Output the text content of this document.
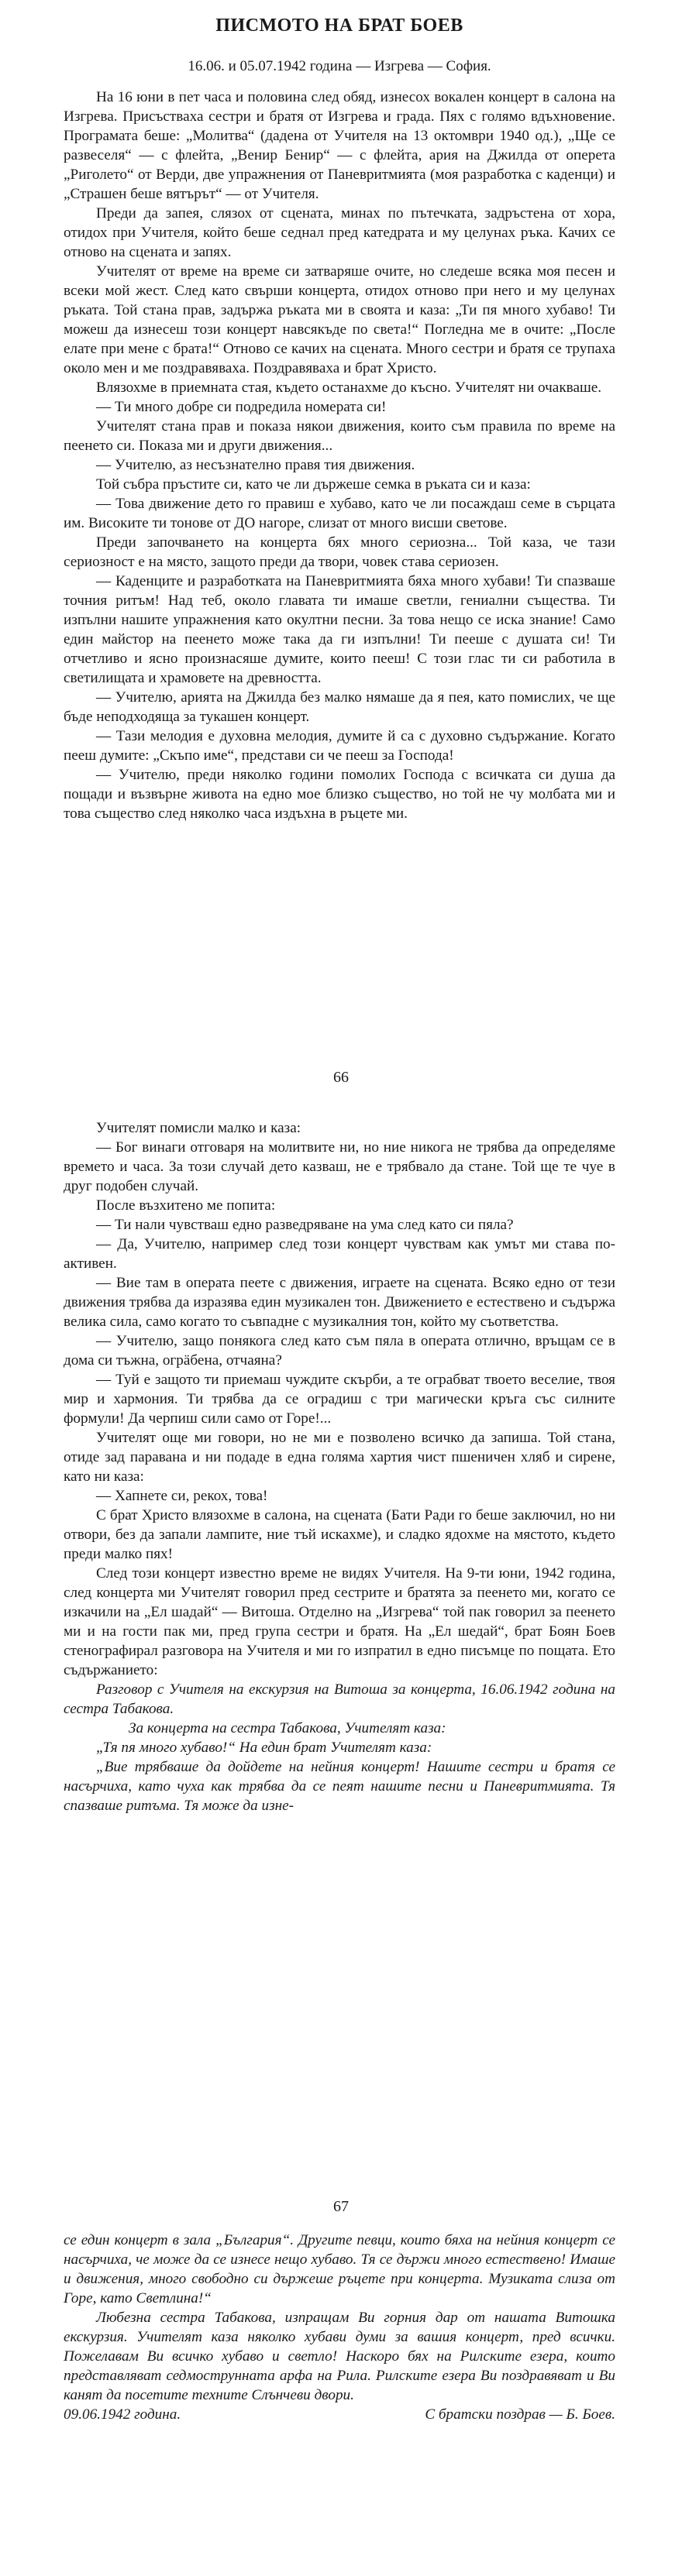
ПИСМОТО НА БРАТ БОЕВ
16.06. и 05.07.1942 година — Изгрева — София.

На 16 юни в пет часа и половина след обяд, изнесох вокален концерт в салона на Изгрева. Присъстваха сестри и братя от Изгрева и града. Пях с голямо вдъхновение. Програмата беше: „Молитва“ (дадена от Учителя на 13 октомври 1940 од.), „Ще се развеселя“ — с флейта, „Венир Бенир“ — с флейта, ария на Джилда от оперета „Риголето“ от Верди, две упражнения от Паневритмията (моя разработка с каденци) и „Страшен беше вятърът“ — от Учителя.

Преди да запея, слязох от сцената, минах по пътечката, задръстена от хора, отидох при Учителя, който беше седнал пред катедрата и му целунах ръка. Качих се отново на сцената и запях.

Учителят от време на време си затваряше очите, но следеше всяка моя песен и всеки мой жест. След като свърши концерта, отидох отново при него и му целунах ръката. Той стана прав, задържа ръката ми в своята и каза: „Ти пя много хубаво! Ти можеш да изнесеш този концерт навсякъде по света!“ Погледна ме в очите: „После елате при мене с брата!“ Отново се качих на сцената. Много сестри и братя се трупаха около мен и ме поздравяваха. Поздравяваха и брат Христо.

Влязохме в приемната стая, където останахме до късно. Учителят ни очакваше.

— Ти много добре си подредила номерата си!

Учителят стана прав и показа някои движения, които съм правила по време на пеенето си. Показа ми и други движения...

— Учителю, аз несъзнателно правя тия движения.

Той събра пръстите си, като че ли държеше семка в ръката си и каза:

— Това движение дето го правиш е хубаво, като че ли посаждаш семе в сърцата им. Високите ти тонове от ДО нагоре, слизат от много висши светове.

Преди започването на концерта бях много сериозна... Той каза, че тази сериозност е на място, защото преди да твори, човек става сериозен.

— Каденците и разработката на Паневритмията бяха много хубави! Ти спазваше точния ритъм! Над теб, около главата ти имаше светли, гениални същества. Ти изпълни нашите упражнения като окултни песни. За това нещо се иска знание! Само един майстор на пеенето може така да ги изпълни! Ти пееше с душата си! Ти отчетливо и ясно произнасяше думите, които пееш! С този глас ти си работила в светилищата и храмовете на древността.

— Учителю, арията на Джилда без малко нямаше да я пея, като помислих, че ще бъде неподходяща за тукашен концерт.

— Тази мелодия е духовна мелодия, думите й са с духовно съдържание. Когато пееш думите: „Скъпо име“, представи си че пееш за Господа!

— Учителю, преди няколко години помолих Господа с всичката си душа да пощади и възвърне живота на едно мое близко същество, но той не чу молбата ми и това същество след няколко часа издъхна в ръцете ми.

66

Учителят помисли малко и каза:

— Бог винаги отговаря на молитвите ни, но ние никога не трябва да определяме времето и часа. За този случай дето казваш, не е трябвало да стане. Той ще те чуе в друг подобен случай.

После възхитено ме попита:

— Ти нали чувстваш едно разведряване на ума след като си пяла?

— Да, Учителю, например след този концерт чувствам как умът ми става по-активен.

— Вие там в операта пеете с движения, играете на сцената. Всяко едно от тези движения трябва да изразява един музикален тон. Движението е естествено и съдържа велика сила, само когато то съвпадне с музикалния тон, който му съответства.

— Учителю, защо понякога след като съм пяла в операта отлично, връщам се в дома си тъжна, огрäбена, отчаяна?

— Туй е защото ти приемаш чуждите скърби, а те ограбват твоето веселие, твоя мир и хармония. Ти трябва да се оградиш с три магически кръга със силните формули! Да черпиш сили само от Горе!...

Учителят още ми говори, но не ми е позволено всичко да запиша. Той стана, отиде зад паравана и ни подаде в една голяма хартия чист пшеничен хляб и сирене, като ни каза:

— Хапнете си, рекох, това!

С брат Христо влязохме в салона, на сцената (Бати Ради го беше заключил, но ни отвори, без да запали лампите, ние тъй искахме), и сладко ядохме на мястото, където преди малко пях!

След този концерт известно време не видях Учителя. На 9-ти юни, 1942 година, след концерта ми Учителят говорил пред сестрите и братята за пеенето ми, когато се изкачили на „Ел шадай“ — Витоша. Отделно на „Изгрева“ той пак говорил за пеенето ми и на гости пак ми, пред група сестри и братя. На „Ел шедай“, брат Боян Боев стенографирал разговора на Учителя и ми го изпратил в едно писъмце по пощата. Ето съдържанието:

Разговор с Учителя на екскурзия на Витоша за концерта, 16.06.1942 година на сестра Табакова.

За концерта на сестра Табакова, Учителят каза:

„Тя пя много хубаво!“ На един брат Учителят каза:

„Вие трябваше да дойдете на нейния концерт! Нашите сестри и братя се насърчиха, като чуха как трябва да се пеят нашите песни и Паневритмията. Тя спазваше ритъма. Тя може да изне-

67

се един концерт в зала „България“. Другите певци, които бяха на нейния концерт се насърчиха, че може да се изнесе нещо хубаво. Тя се държи много естествено! Имаше и движения, много свободно си държеше ръцете при концерта. Музиката слиза от Горе, като Светлина!“

Любезна сестра Табакова, изпращам Ви горния дар от нашата Витошка екскурзия. Учителят каза няколко хубави думи за вашия концерт, пред всички. Пожелавам Ви всичко хубаво и светло! Наскоро бях на Рилските езера, които представляват седмострунната арфа на Рила. Рилските езера Ви поздравяват и Ви канят да посетите техните Слънчеви двори.

09.06.1942 година.	С братски поздрав — Б. Боев.
